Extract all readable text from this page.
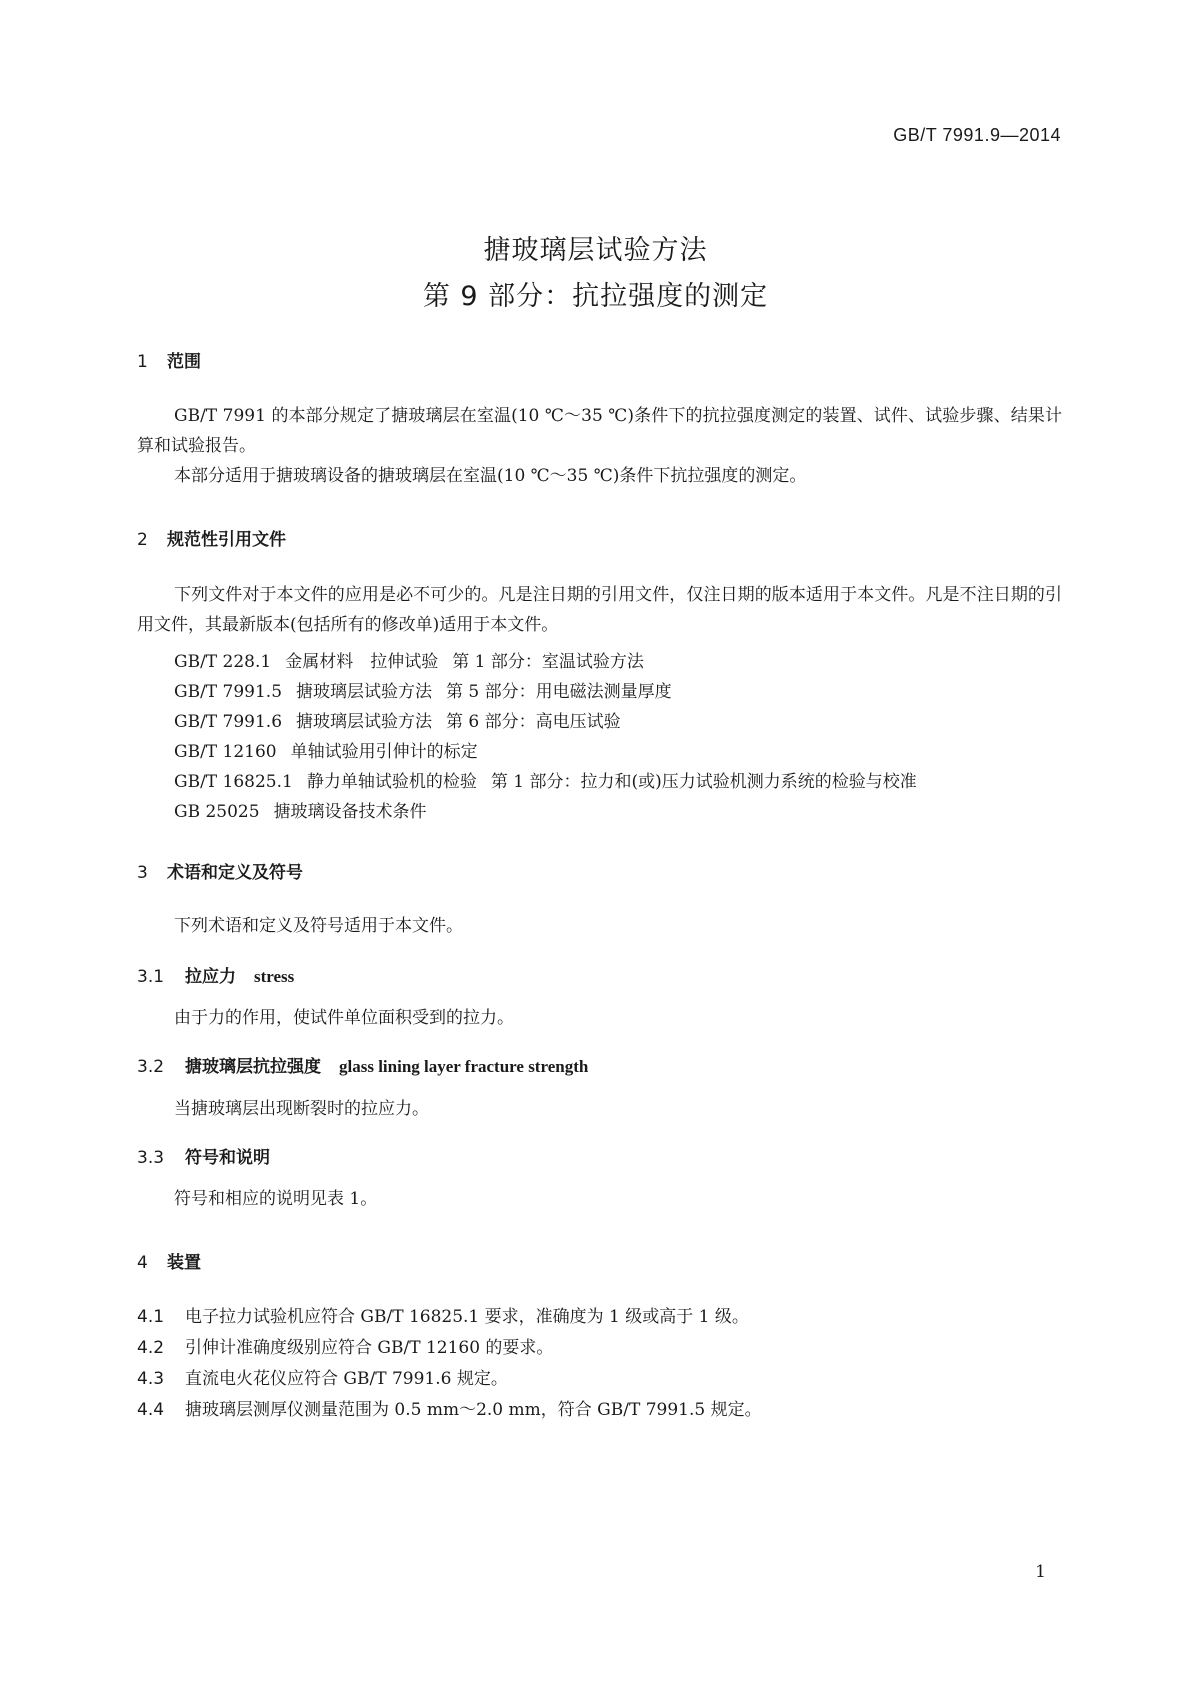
GB/T 7991.9—2014
搪玻璃层试验方法
第 9 部分：抗拉强度的测定
1 范围
GB/T 7991 的本部分规定了搪玻璃层在室温(10 ℃～35 ℃)条件下的抗拉强度测定的装置、试件、试验步骤、结果计算和试验报告。
本部分适用于搪玻璃设备的搪玻璃层在室温(10 ℃～35 ℃)条件下抗拉强度的测定。
2 规范性引用文件
下列文件对于本文件的应用是必不可少的。凡是注日期的引用文件，仅注日期的版本适用于本文件。凡是不注日期的引用文件，其最新版本(包括所有的修改单)适用于本文件。
GB/T 228.1 金属材料　拉伸试验 第 1 部分：室温试验方法
GB/T 7991.5 搪玻璃层试验方法 第 5 部分：用电磁法测量厚度
GB/T 7991.6 搪玻璃层试验方法 第 6 部分：高电压试验
GB/T 12160 单轴试验用引伸计的标定
GB/T 16825.1 静力单轴试验机的检验 第 1 部分：拉力和(或)压力试验机测力系统的检验与校准
GB 25025 搪玻璃设备技术条件
3 术语和定义及符号
下列术语和定义及符号适用于本文件。
3.1 拉应力 stress
由于力的作用，使试件单位面积受到的拉力。
3.2 搪玻璃层抗拉强度 glass lining layer fracture strength
当搪玻璃层出现断裂时的拉应力。
3.3 符号和说明
符号和相应的说明见表 1。
4 装置
4.1 电子拉力试验机应符合 GB/T 16825.1 要求，准确度为 1 级或高于 1 级。
4.2 引伸计准确度级别应符合 GB/T 12160 的要求。
4.3 直流电火花仪应符合 GB/T 7991.6 规定。
4.4 搪玻璃层测厚仪测量范围为 0.5 mm～2.0 mm，符合 GB/T 7991.5 规定。
1
